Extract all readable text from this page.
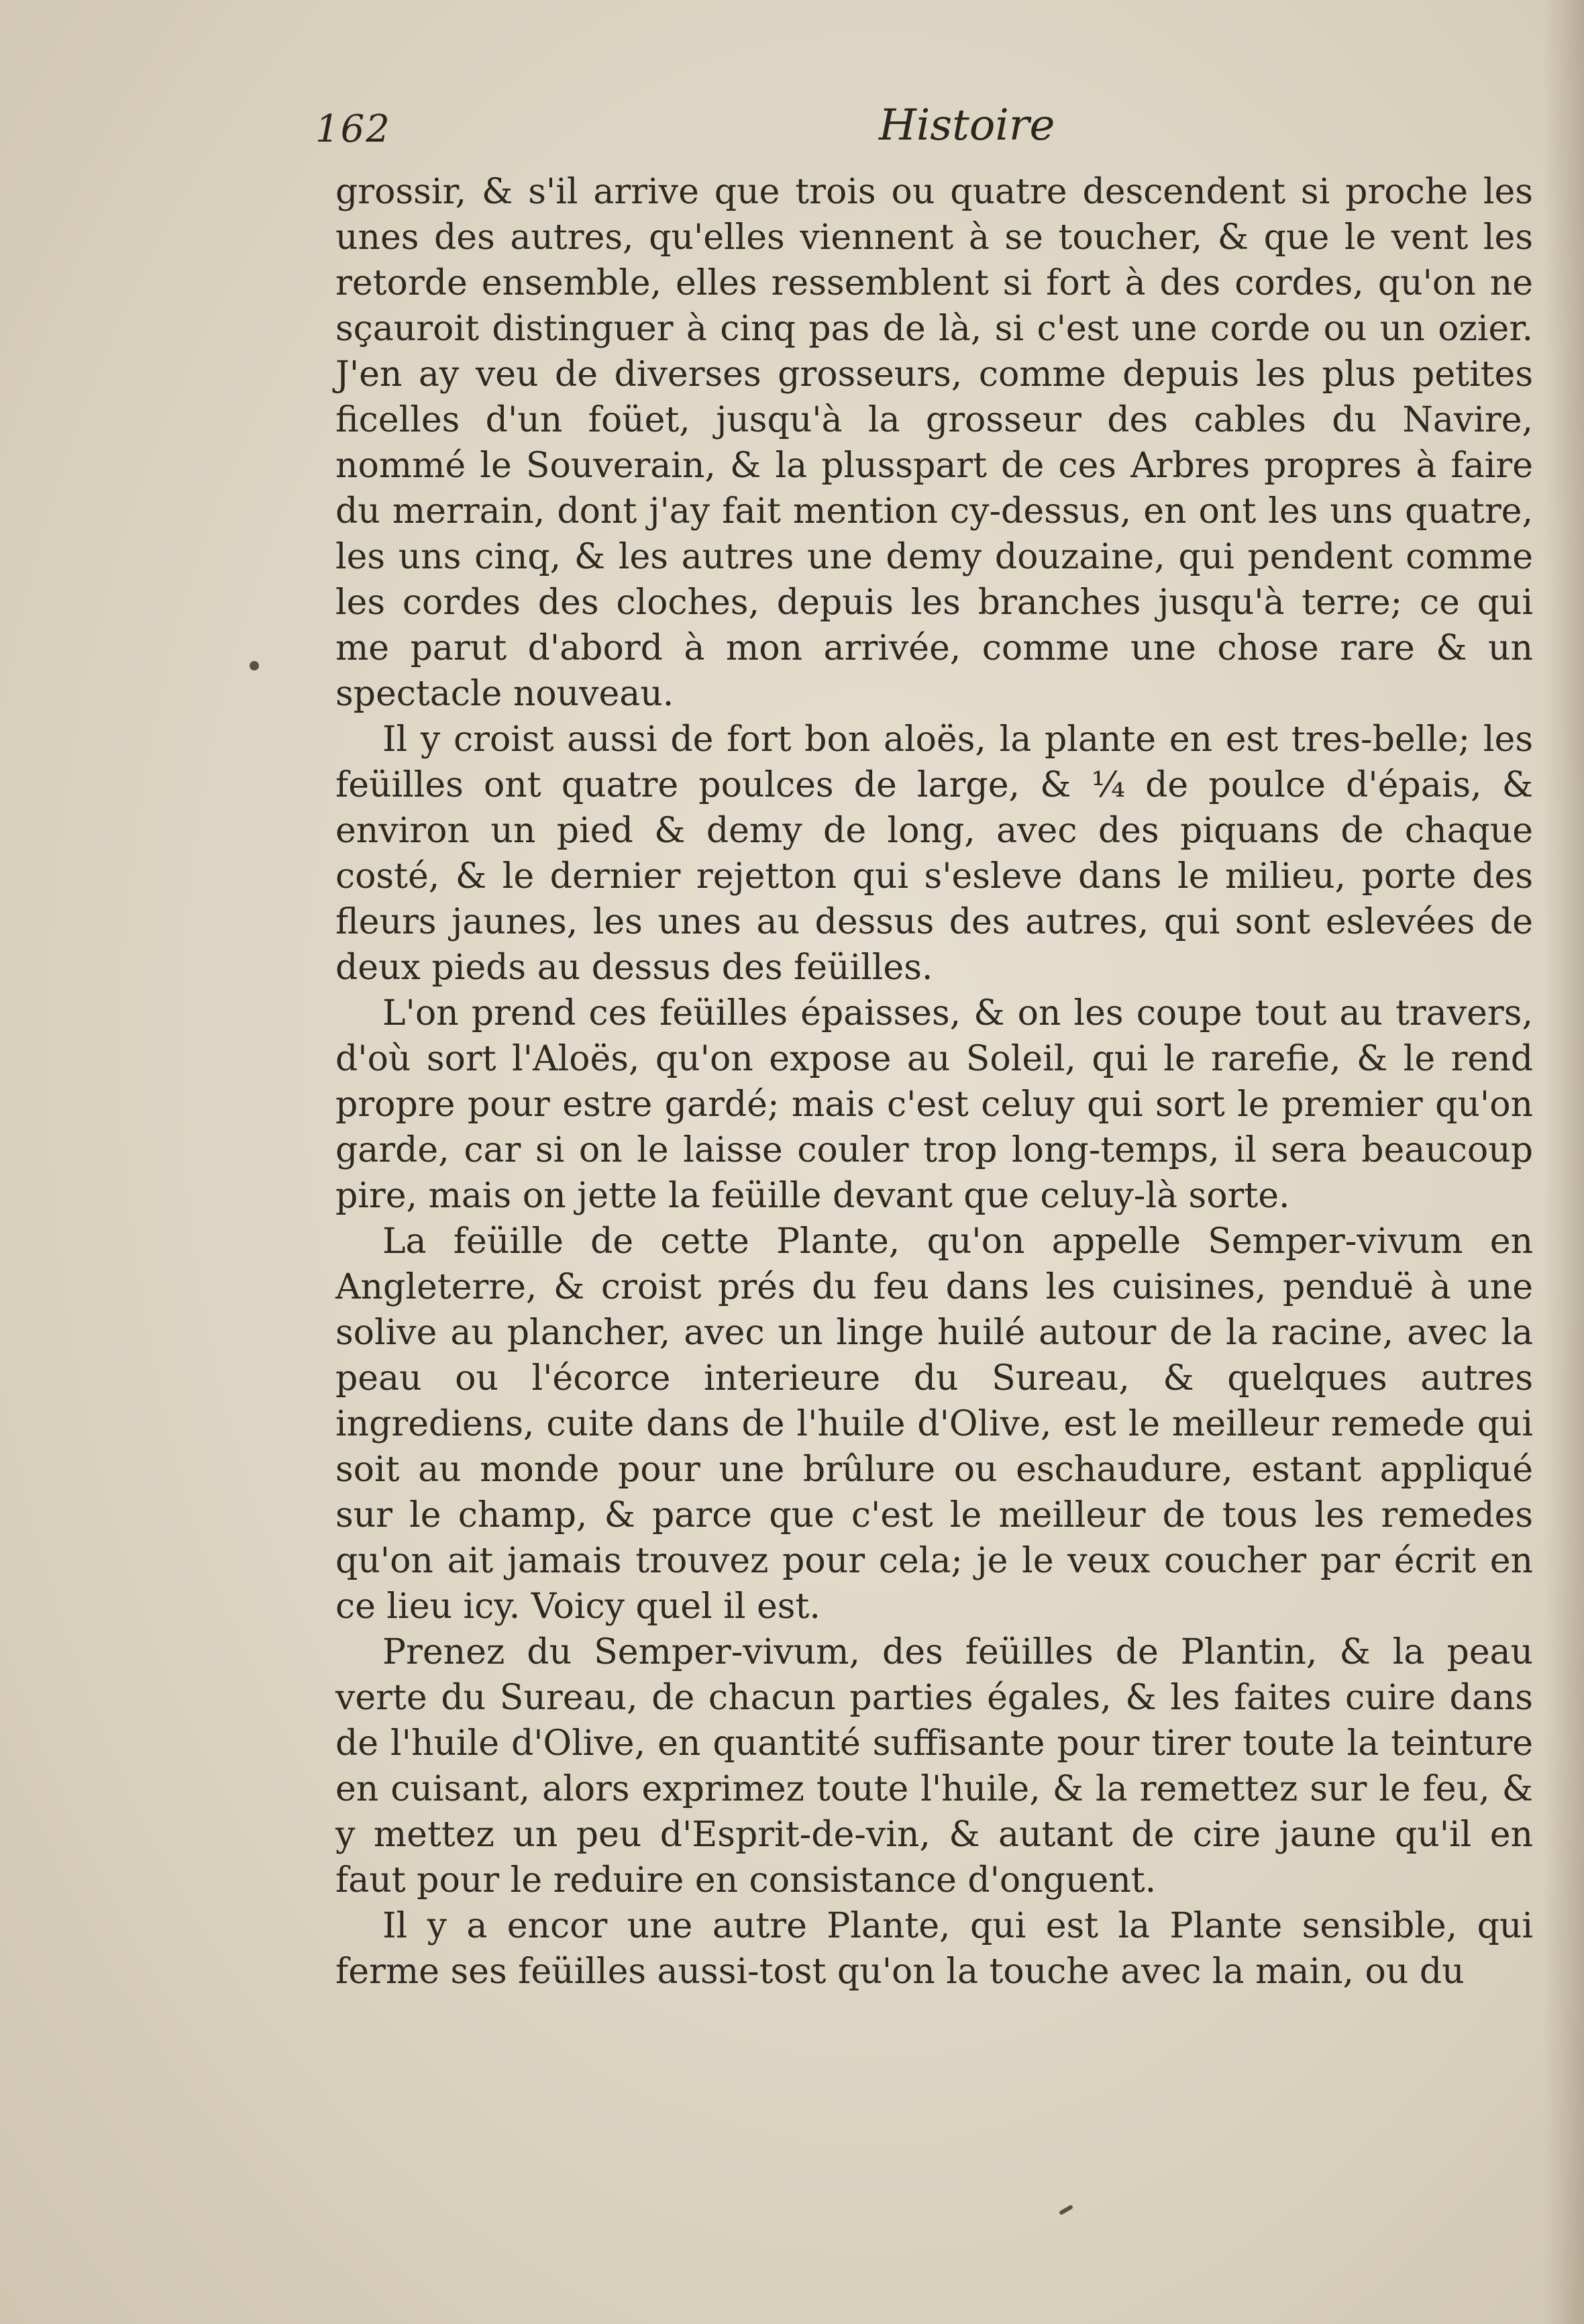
162	Histoire

grossir, & s'il arrive que trois ou quatre descendent si proche les unes des autres, qu'elles viennent à se toucher, & que le vent les retorde ensemble, elles ressemblent si fort à des cordes, qu'on ne sçauroit distinguer à cinq pas de là, si c'est une corde ou un ozier. J'en ay veu de diverses grosseurs, comme depuis les plus petites ficelles d'un foüet, jusqu'à la grosseur des cables du Navire, nommé le Souverain, & la plusspart de ces Arbres propres à faire du merrain, dont j'ay fait mention cy-dessus, en ont les uns quatre, les uns cinq, & les autres une demy douzaine, qui pendent comme les cordes des cloches, depuis les branches jusqu'à terre; ce qui me parut d'abord à mon arrivée, comme une chose rare & un spectacle nouveau.

Il y croist aussi de fort bon aloës, la plante en est tres-belle; les feüilles ont quatre poulces de large, & ¼ de poulce d'épais, & environ un pied & demy de long, avec des piquans de chaque costé, & le dernier rejetton qui s'esleve dans le milieu, porte des fleurs jaunes, les unes au dessus des autres, qui sont eslevées de deux pieds au dessus des feüilles.

L'on prend ces feüilles épaisses, & on les coupe tout au travers, d'où sort l'Aloës, qu'on expose au Soleil, qui le rarefie, & le rend propre pour estre gardé; mais c'est celuy qui sort le premier qu'on garde, car si on le laisse couler trop long-temps, il sera beaucoup pire, mais on jette la feüille devant que celuy-là sorte.

La feüille de cette Plante, qu'on appelle Semper-vivum en Angleterre, & croist prés du feu dans les cuisines, penduë à une solive au plancher, avec un linge huilé autour de la racine, avec la peau ou l'écorce interieure du Sureau, & quelques autres ingrediens, cuite dans de l'huile d'Olive, est le meilleur remede qui soit au monde pour une brûlure ou eschaudure, estant appliqué sur le champ, & parce que c'est le meilleur de tous les remedes qu'on ait jamais trouvez pour cela; je le veux coucher par écrit en ce lieu icy. Voicy quel il est.

Prenez du Semper-vivum, des feüilles de Plantin, & la peau verte du Sureau, de chacun parties égales, & les faites cuire dans de l'huile d'Olive, en quantité suffisante pour tirer toute la teinture en cuisant, alors exprimez toute l'huile, & la remettez sur le feu, & y mettez un peu d'Esprit-de-vin, & autant de cire jaune qu'il en faut pour le reduire en consistance d'onguent.

Il y a encor une autre Plante, qui est la Plante sensible, qui ferme ses feüilles aussi-tost qu'on la touche avec la main, ou du
